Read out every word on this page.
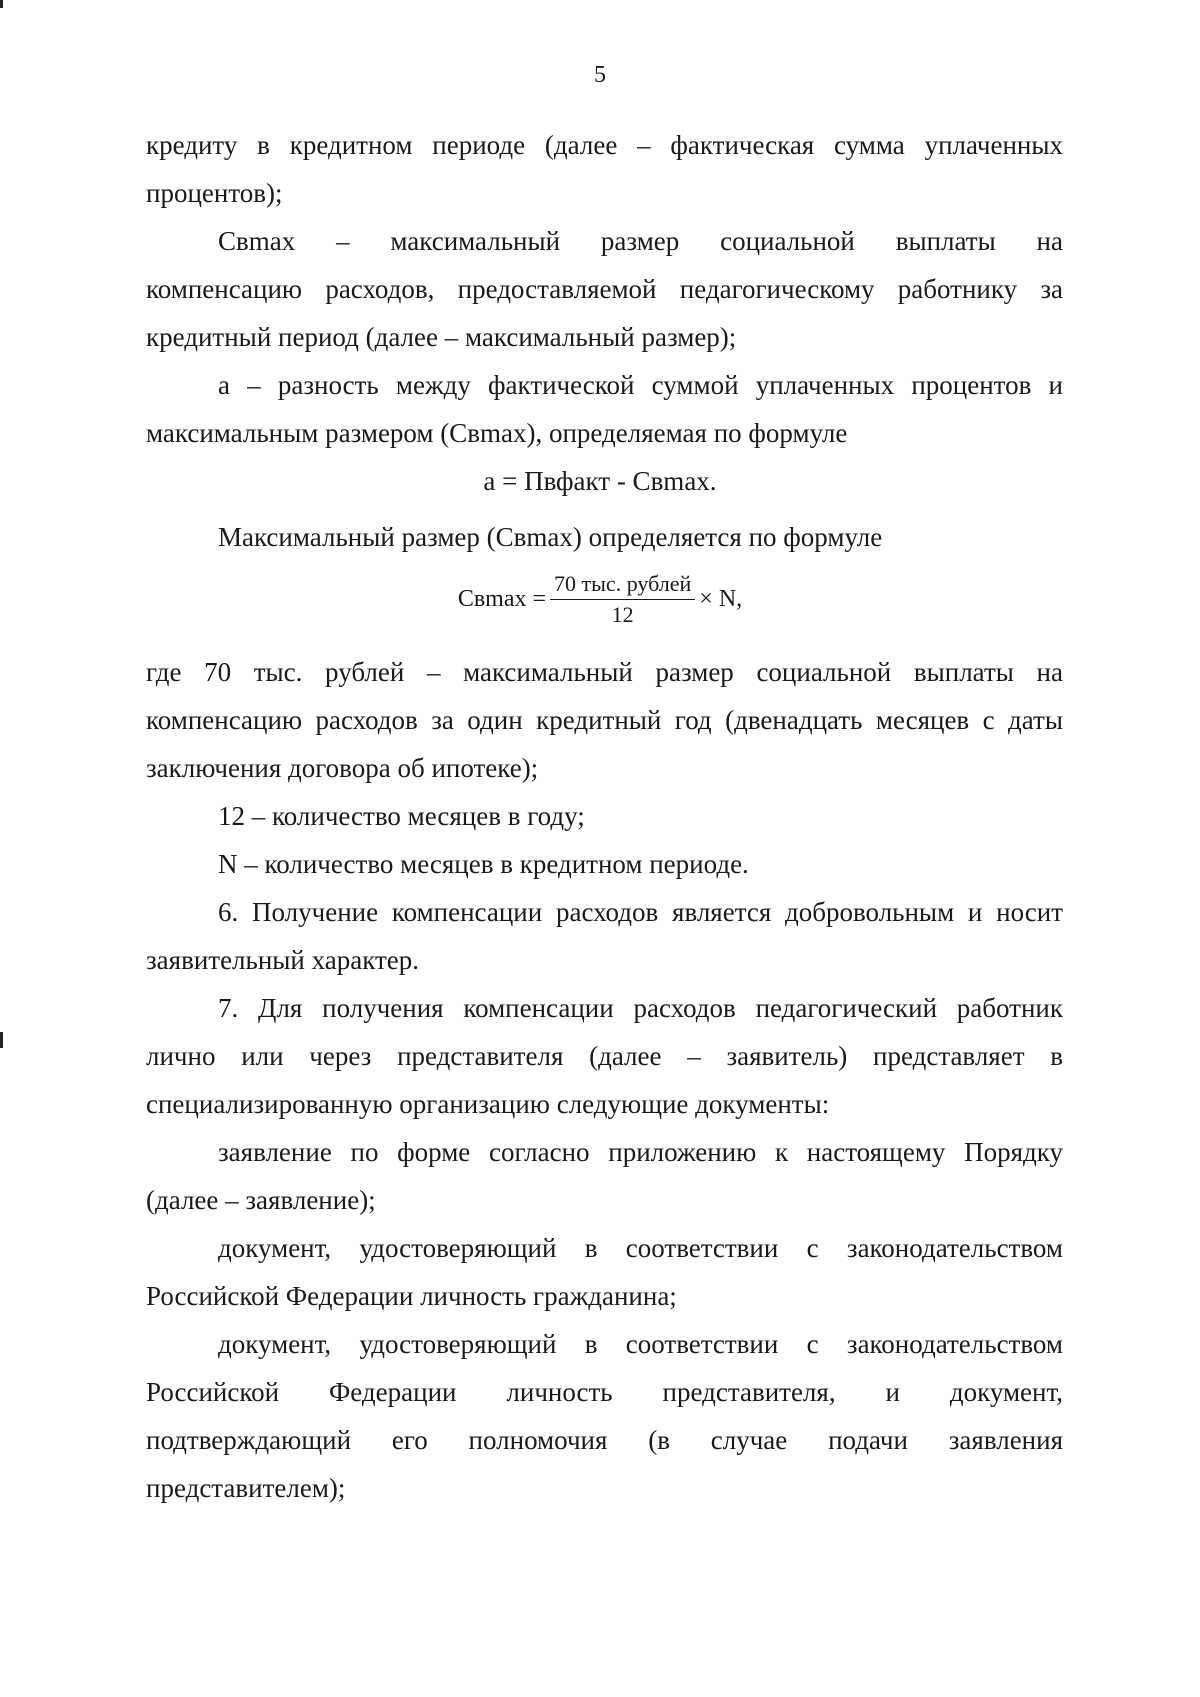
5
кредиту в кредитном периоде (далее – фактическая сумма уплаченных
процентов);
Свmax – максимальный размер социальной выплаты на
компенсацию расходов, предоставляемой педагогическому работнику за
кредитный период (далее – максимальный размер);
а – разность между фактической суммой уплаченных процентов и
максимальным размером (Свmax), определяемая по формуле
а = Пвфакт - Свmax.
Максимальный размер (Свmax) определяется по формуле
$Св\max = \frac{\text{70 тыс. рублей}}{12} \times N$,
где 70 тыс. рублей – максимальный размер социальной выплаты на
компенсацию расходов за один кредитный год (двенадцать месяцев с даты
заключения договора об ипотеке);
12 – количество месяцев в году;
N – количество месяцев в кредитном периоде.
6. Получение компенсации расходов является добровольным и носит
заявительный характер.
7. Для получения компенсации расходов педагогический работник
лично или через представителя (далее – заявитель) представляет в
специализированную организацию следующие документы:
заявление по форме согласно приложению к настоящему Порядку
(далее – заявление);
документ, удостоверяющий в соответствии с законодательством
Российской Федерации личность гражданина;
документ, удостоверяющий в соответствии с законодательством
Российской Федерации личность представителя, и документ,
подтверждающий его полномочия (в случае подачи заявления
представителем);
